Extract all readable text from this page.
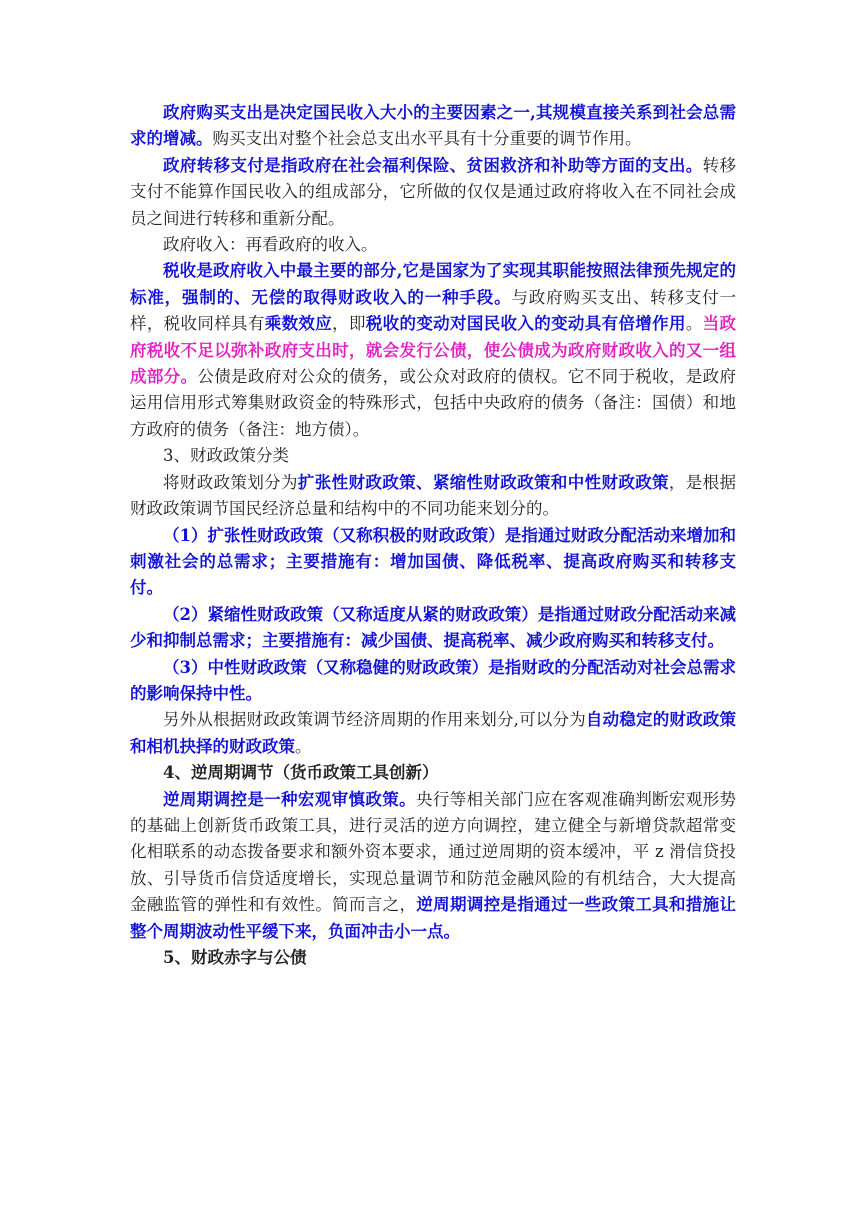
政府购买支出是决定国民收入大小的主要因素之一,其规模直接关系到社会总需求的增减。购买支出对整个社会总支出水平具有十分重要的调节作用。

政府转移支付是指政府在社会福利保险、贫困救济和补助等方面的支出。转移支付不能算作国民收入的组成部分，它所做的仅仅是通过政府将收入在不同社会成员之间进行转移和重新分配。

政府收入：再看政府的收入。

税收是政府收入中最主要的部分,它是国家为了实现其职能按照法律预先规定的标准，强制的、无偿的取得财政收入的一种手段。与政府购买支出、转移支付一样，税收同样具有乘数效应，即税收的变动对国民收入的变动具有倍增作用。当政府税收不足以弥补政府支出时，就会发行公债，使公债成为政府财政收入的又一组成部分。公债是政府对公众的债务，或公众对政府的债权。它不同于税收，是政府运用信用形式筹集财政资金的特殊形式，包括中央政府的债务（备注：国债）和地方政府的债务（备注：地方债）。

3、财政政策分类

将财政政策划分为扩张性财政政策、紧缩性财政政策和中性财政政策，是根据财政政策调节国民经济总量和结构中的不同功能来划分的。

（1）扩张性财政政策（又称积极的财政政策）是指通过财政分配活动来增加和刺激社会的总需求；主要措施有：增加国债、降低税率、提高政府购买和转移支付。

（2）紧缩性财政政策（又称适度从紧的财政政策）是指通过财政分配活动来减少和抑制总需求；主要措施有：减少国债、提高税率、减少政府购买和转移支付。

（3）中性财政政策（又称稳健的财政政策）是指财政的分配活动对社会总需求的影响保持中性。

另外从根据财政政策调节经济周期的作用来划分,可以分为自动稳定的财政政策和相机抉择的财政政策。

4、逆周期调节（货币政策工具创新）

逆周期调控是一种宏观审慎政策。央行等相关部门应在客观准确判断宏观形势的基础上创新货币政策工具，进行灵活的逆方向调控，建立健全与新增贷款超常变化相联系的动态拨备要求和额外资本要求，通过逆周期的资本缓冲，平 z 滑信贷投放、引导货币信贷适度增长，实现总量调节和防范金融风险的有机结合，大大提高金融监管的弹性和有效性。简而言之，逆周期调控是指通过一些政策工具和措施让整个周期波动性平缓下来，负面冲击小一点。

5、财政赤字与公债
